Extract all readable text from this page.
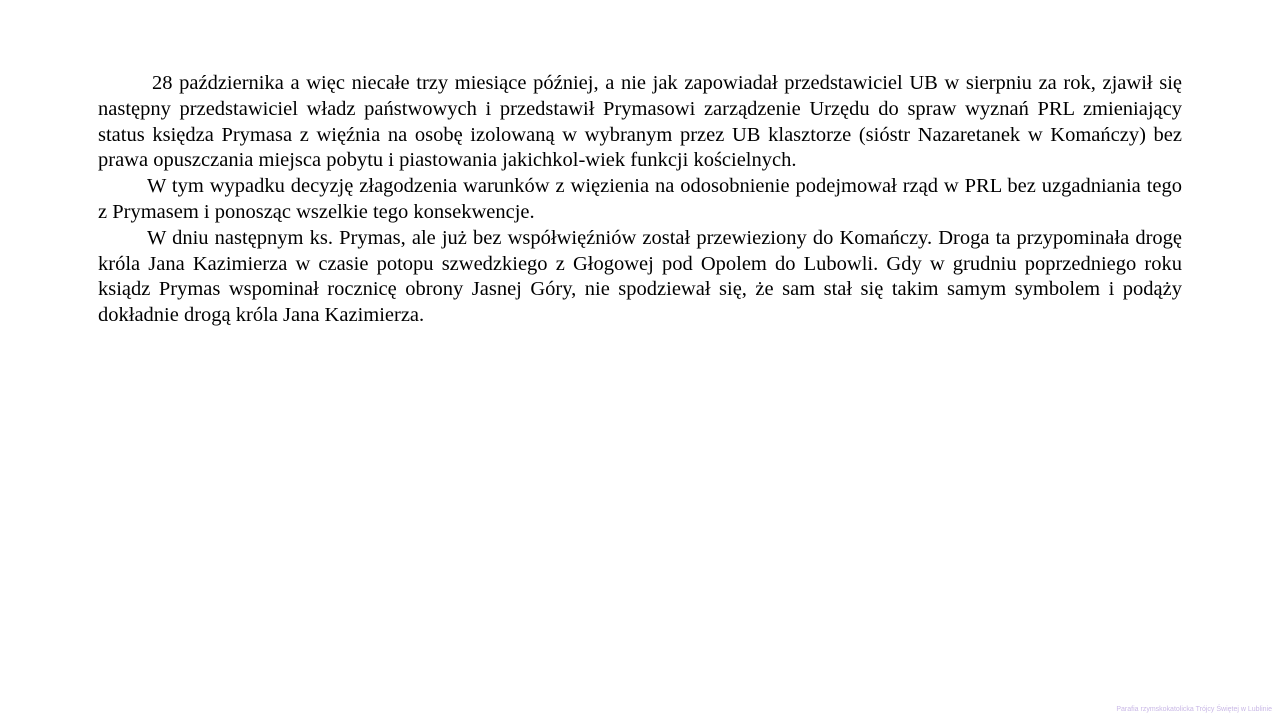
28 października a więc niecałe trzy miesiące później, a nie jak zapowiadał przedstawiciel UB w sierpniu za rok, zjawił się następny przedstawiciel władz państwowych i przedstawił Prymasowi zarządzenie Urzędu do spraw wyznań PRL zmieniający status księdza Prymasa z więźnia na osobę izolowaną w wybranym przez UB klasztorze (sióstr Nazaretanek w Komańczy) bez prawa opuszczania miejsca pobytu i piastowania jakichkol-wiek funkcji kościelnych.

W tym wypadku decyzję złagodzenia warunków z więzienia na odosobnienie podejmował rząd w PRL bez uzgadniania tego z Prymasem i ponosząc wszelkie tego konsekwencje.

W dniu następnym ks. Prymas, ale już bez współwięźniów został przewieziony do Komańczy. Droga ta przypominała drogę króla Jana Kazimierza w czasie potopu szwedzkiego z Głogowej pod Opolem do Lubowli. Gdy w grudniu poprzedniego roku ksiądz Prymas wspominał rocznicę obrony Jasnej Góry, nie spodziewał się, że sam stał się takim samym symbolem i podąży dokładnie drogą króla Jana Kazimierza.

Parafia rzymskokatolicka Trójcy Świętej w Lublinie
